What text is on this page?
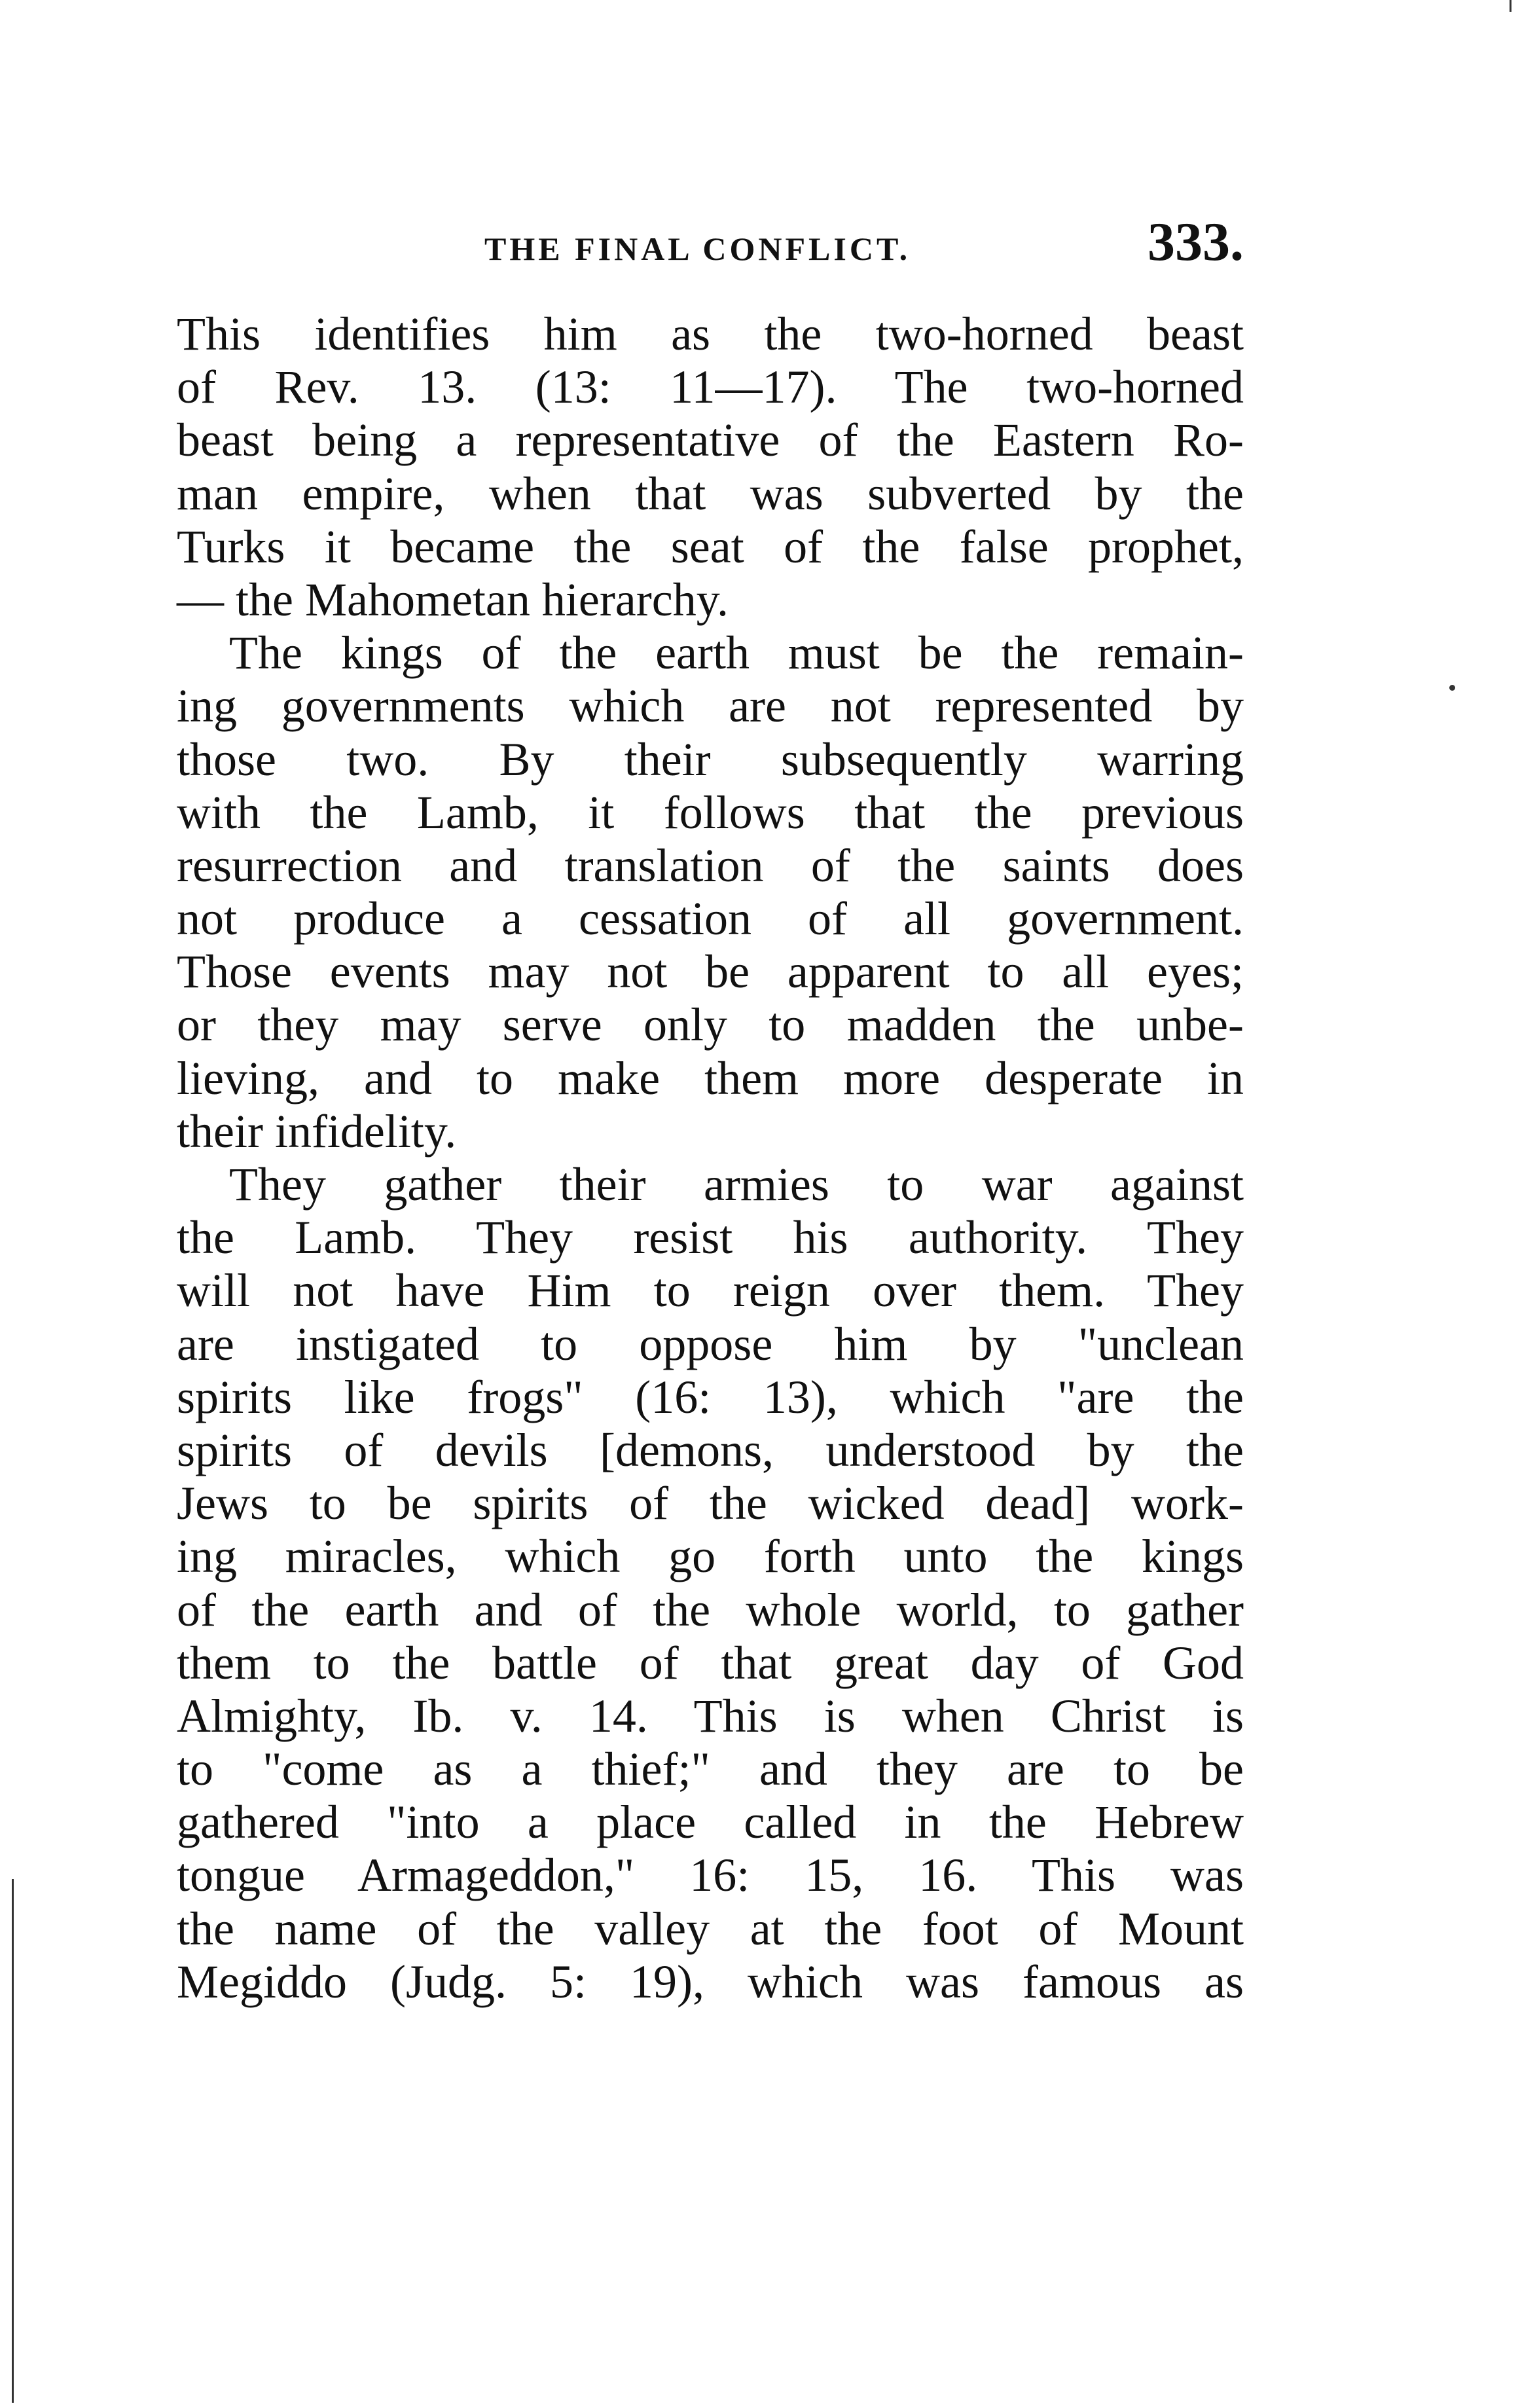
THE FINAL CONFLICT.	333.
This identifies him as the two-horned beast
of Rev. 13. (13: 11—17). The two-horned
beast being a representative of the Eastern Ro-
man empire, when that was subverted by the
Turks it became the seat of the false prophet,
— the Mahometan hierarchy.
The kings of the earth must be the remain-
ing governments which are not represented by
those two. By their subsequently warring
with the Lamb, it follows that the previous
resurrection and translation of the saints does
not produce a cessation of all government.
Those events may not be apparent to all eyes;
or they may serve only to madden the unbe-
lieving, and to make them more desperate in
their infidelity.
They gather their armies to war against
the Lamb. They resist his authority. They
will not have Him to reign over them. They
are instigated to oppose him by "unclean
spirits like frogs" (16: 13), which "are the
spirits of devils [demons, understood by the
Jews to be spirits of the wicked dead] work-
ing miracles, which go forth unto the kings
of the earth and of the whole world, to gather
them to the battle of that great day of God
Almighty, Ib. v. 14. This is when Christ is
to "come as a thief;" and they are to be
gathered "into a place called in the Hebrew
tongue Armageddon," 16: 15, 16. This was
the name of the valley at the foot of Mount
Megiddo (Judg. 5: 19), which was famous as
